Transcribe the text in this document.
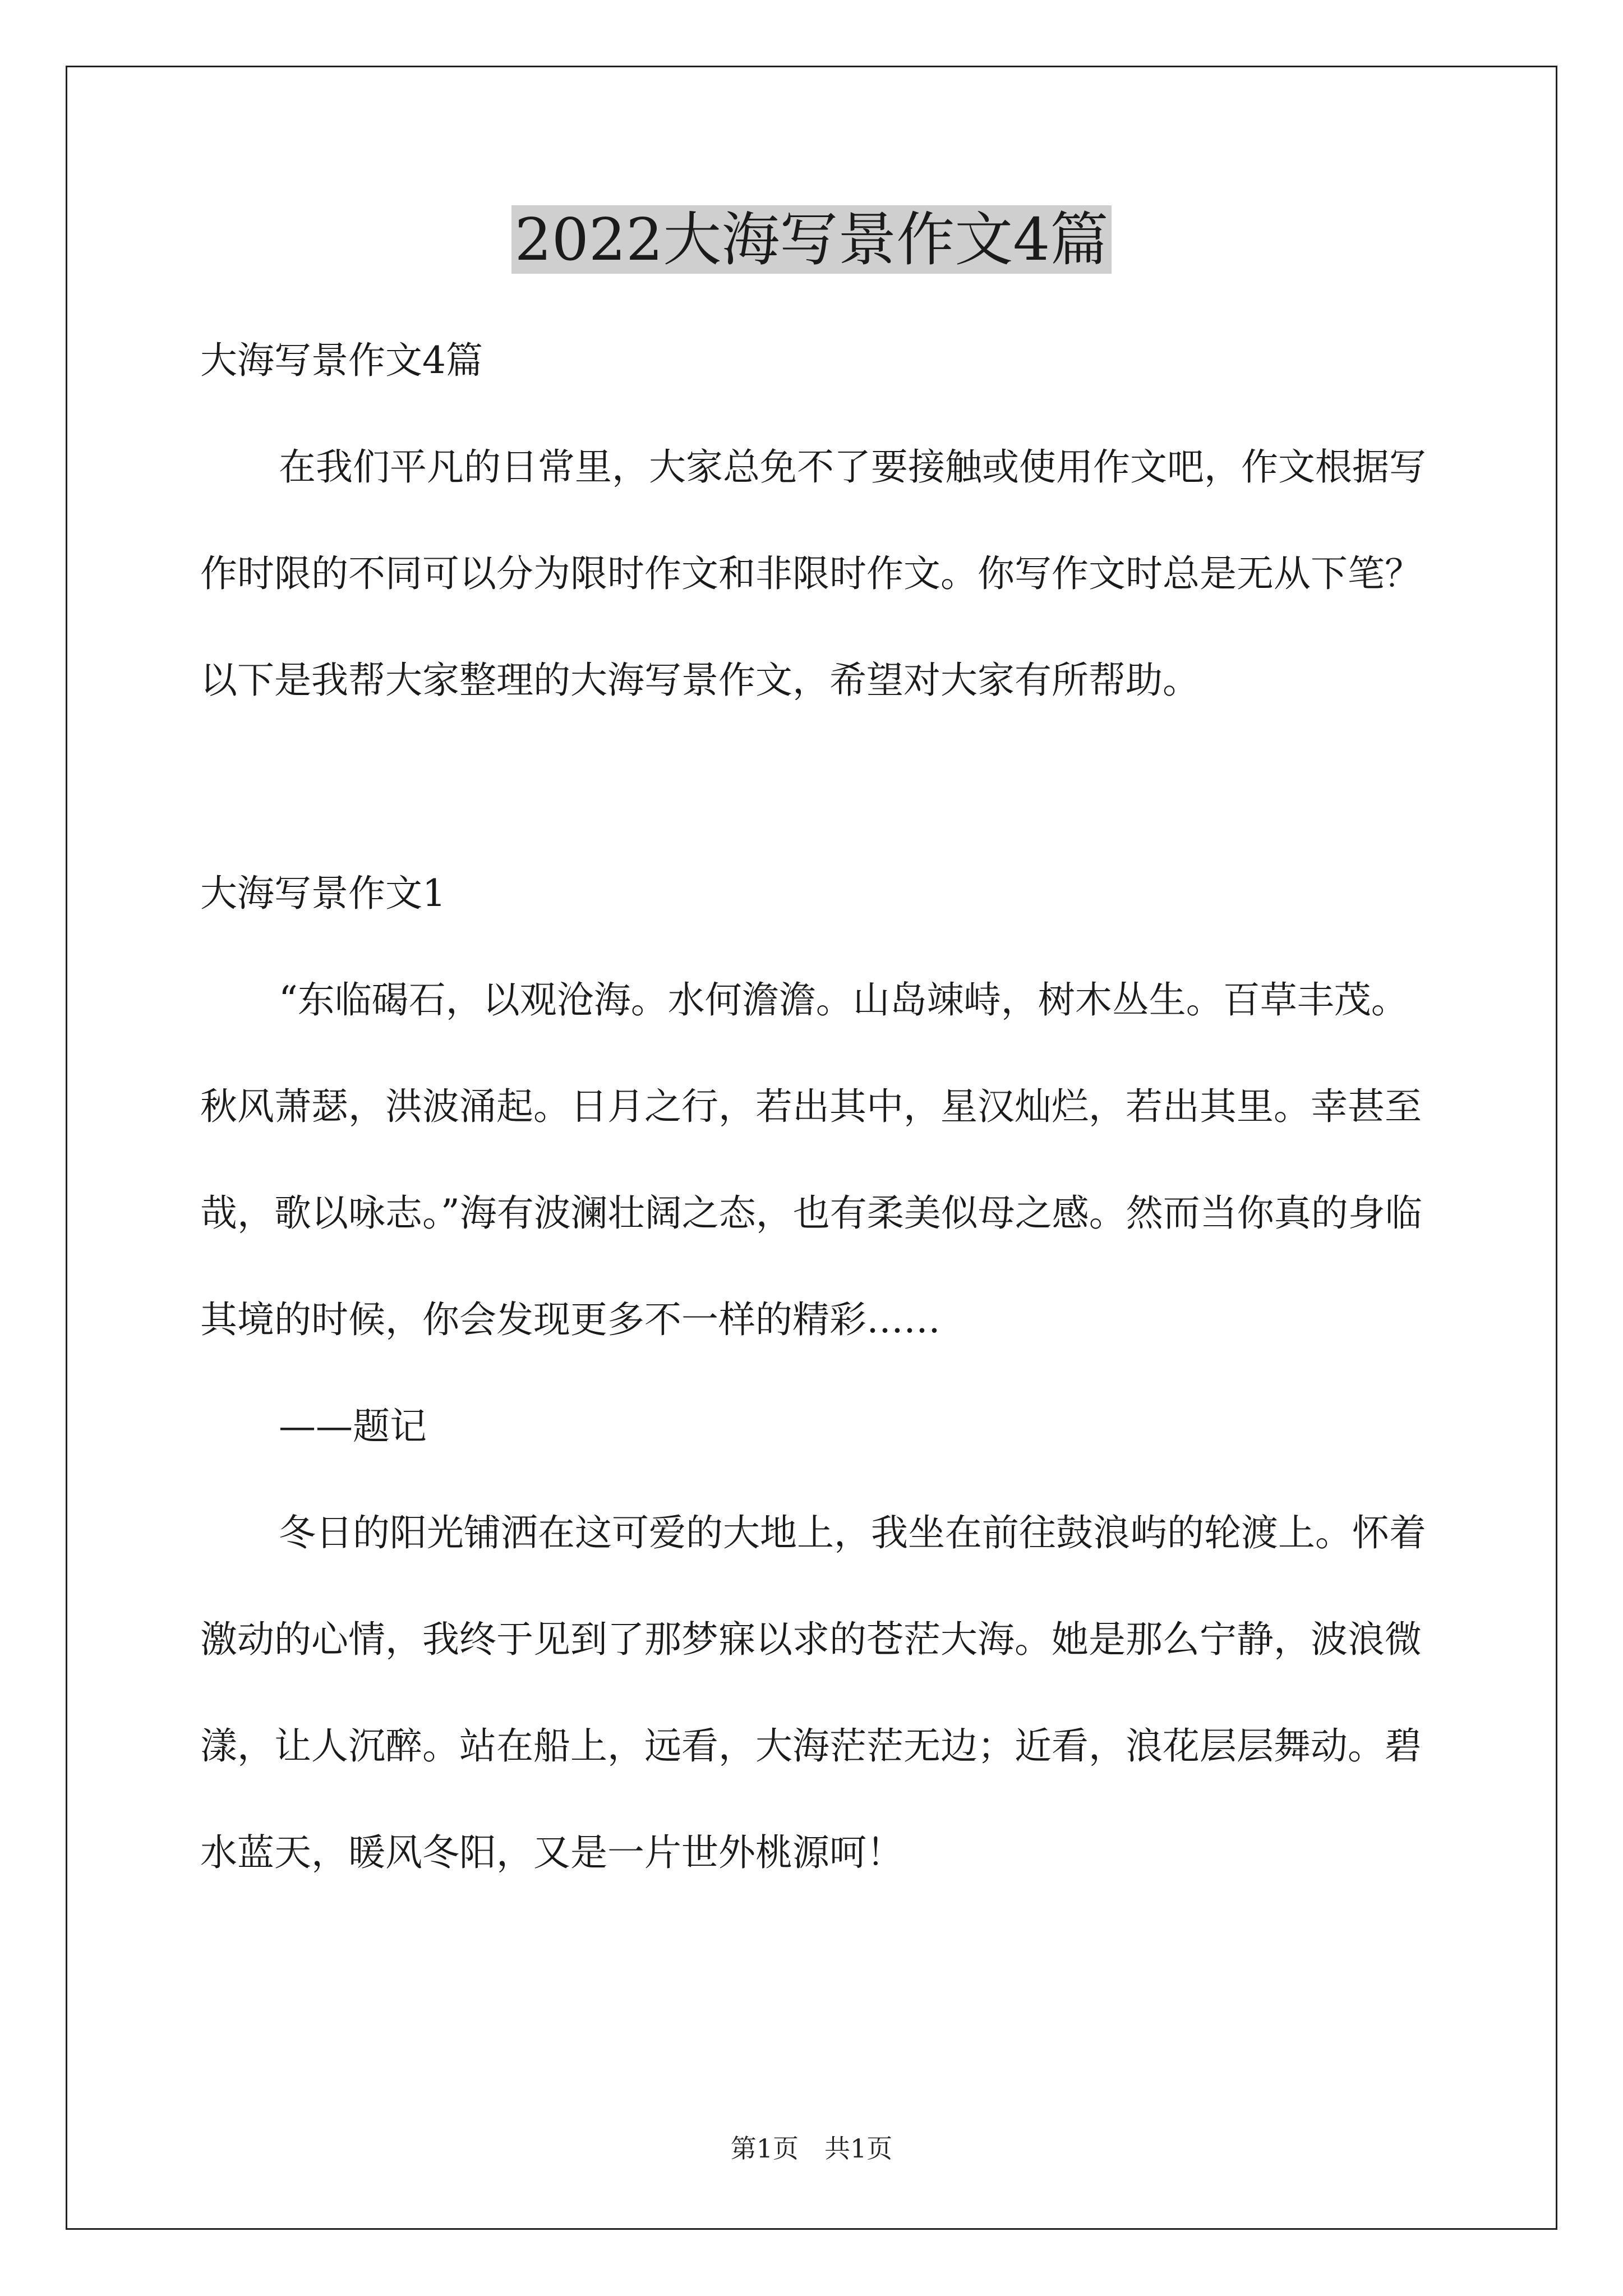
2022大海写景作文4篇

大海写景作文4篇

在我们平凡的日常里，大家总免不了要接触或使用作文吧，作文根据写作时限的不同可以分为限时作文和非限时作文。你写作文时总是无从下笔？以下是我帮大家整理的大海写景作文，希望对大家有所帮助。

大海写景作文1

“东临碣石，以观沧海。水何澹澹。山岛竦峙，树木丛生。百草丰茂。秋风萧瑟，洪波涌起。日月之行，若出其中，星汉灿烂，若出其里。幸甚至哉，歌以咏志。”海有波澜壮阔之态，也有柔美似母之感。然而当你真的身临其境的时候，你会发现更多不一样的精彩……

——题记

冬日的阳光铺洒在这可爱的大地上，我坐在前往鼓浪屿的轮渡上。怀着激动的心情，我终于见到了那梦寐以求的苍茫大海。她是那么宁静，波浪微漾，让人沉醉。站在船上，远看，大海茫茫无边；近看，浪花层层舞动。碧水蓝天，暖风冬阳，又是一片世外桃源呵！

第1页　共1页
